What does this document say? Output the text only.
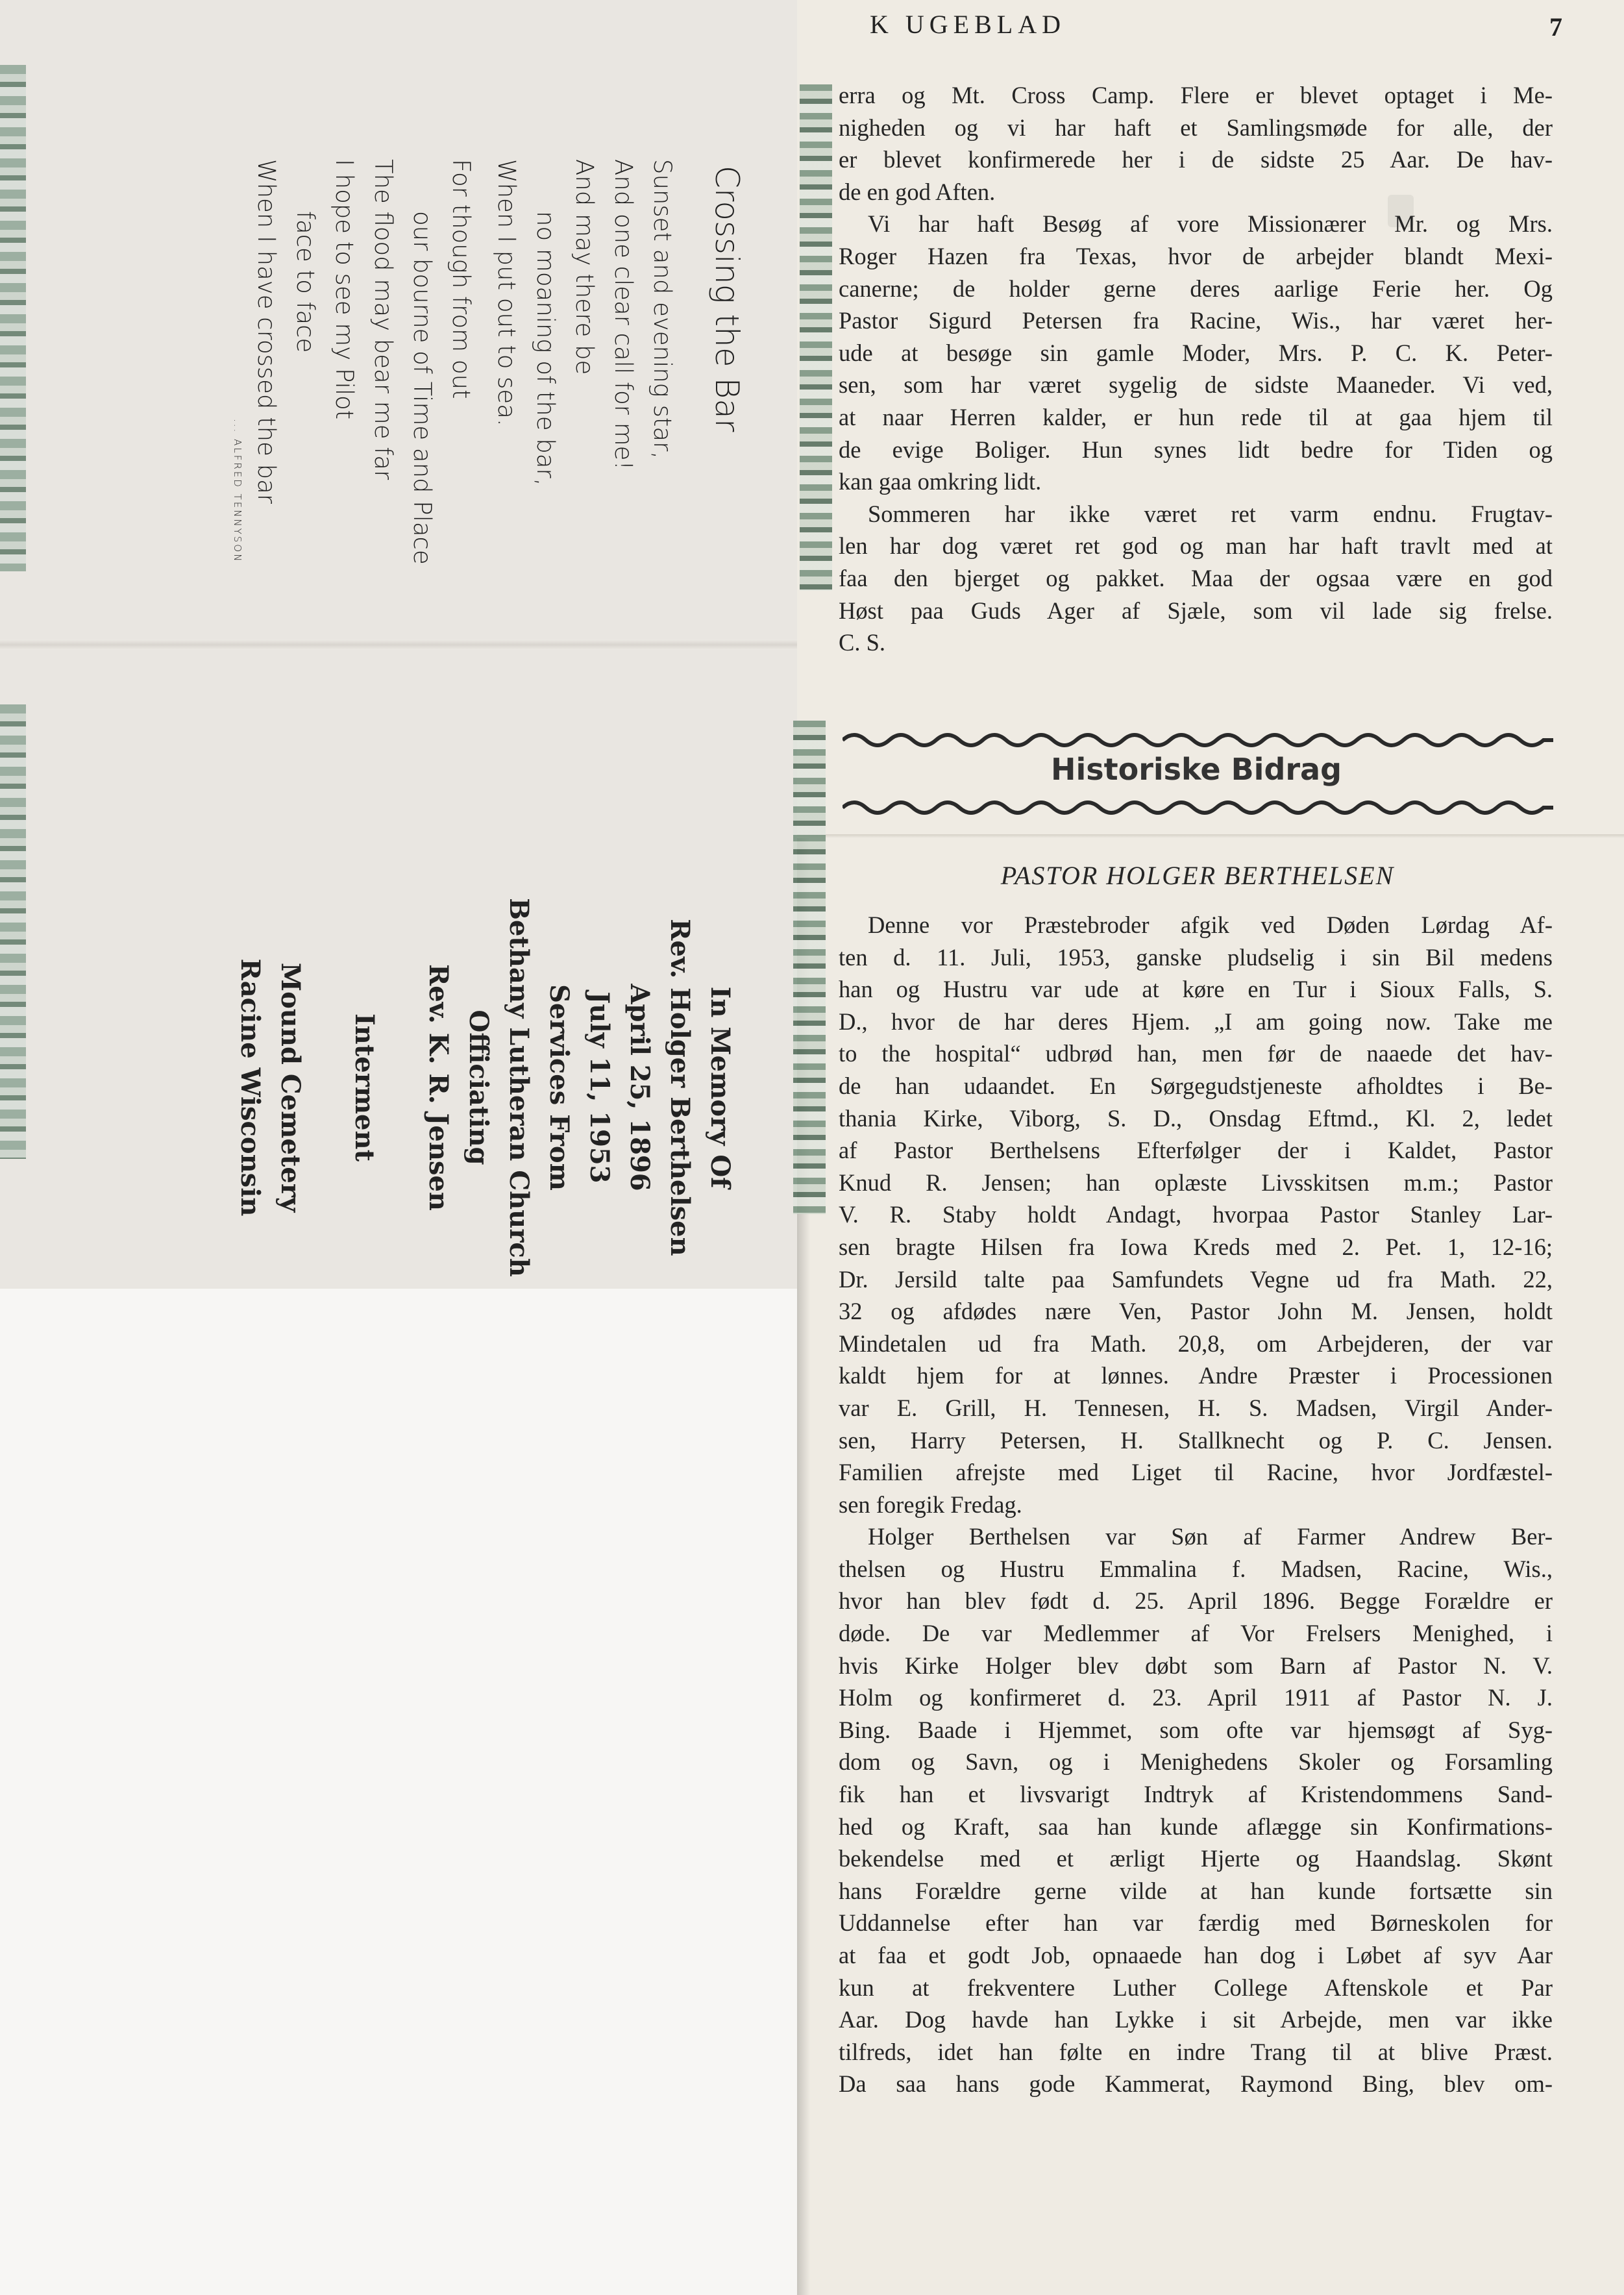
Crossing the Bar
Sunset and evening star,
And one clear call for me!
And may there be
no moaning of the bar,
When I put out to sea.
For though from out
our bourne of Time and Place
The flood may bear me far
I hope to see my Pilot
face to face
When I have crossed the bar
... ALFRED TENNYSON
In Memory Of
Rev. Holger Berthelsen
April 25, 1896
July 11, 1953
Services From
Bethany Lutheran Church
Officiating
Rev. K. R. Jensen
Interment
Mound Cemetery
Racine Wisconsin
K UGEBLAD	7
erra og Mt. Cross Camp. Flere er blevet optaget i Me-
nigheden og vi har haft et Samlingsmøde for alle, der
er blevet konfirmerede her i de sidste 25 Aar. De hav-
de en god Aften.
Vi har haft Besøg af vore Missionærer Mr. og Mrs.
Roger Hazen fra Texas, hvor de arbejder blandt Mexi-
canerne; de holder gerne deres aarlige Ferie her. Og
Pastor Sigurd Petersen fra Racine, Wis., har været her-
ude at besøge sin gamle Moder, Mrs. P. C. K. Peter-
sen, som har været sygelig de sidste Maaneder. Vi ved,
at naar Herren kalder, er hun rede til at gaa hjem til
de evige Boliger. Hun synes lidt bedre for Tiden og
kan gaa omkring lidt.
Sommeren har ikke været ret varm endnu. Frugtav-
len har dog været ret god og man har haft travlt med at
faa den bjerget og pakket. Maa der ogsaa være en god
Høst paa Guds Ager af Sjæle, som vil lade sig frelse.
C. S.
Historiske Bidrag
PASTOR HOLGER BERTHELSEN
Denne vor Præstebroder afgik ved Døden Lørdag Af-
ten d. 11. Juli, 1953, ganske pludselig i sin Bil medens
han og Hustru var ude at køre en Tur i Sioux Falls, S.
D., hvor de har deres Hjem. „I am going now. Take me
to the hospital“ udbrød han, men før de naaede det hav-
de han udaandet. En Sørgegudstjeneste afholdtes i Be-
thania Kirke, Viborg, S. D., Onsdag Eftmd., Kl. 2, ledet
af Pastor Berthelsens Efterfølger der i Kaldet, Pastor
Knud R. Jensen; han oplæste Livsskitsen m.m.; Pastor
V. R. Staby holdt Andagt, hvorpaa Pastor Stanley Lar-
sen bragte Hilsen fra Iowa Kreds med 2. Pet. 1, 12-16;
Dr. Jersild talte paa Samfundets Vegne ud fra Math. 22,
32 og afdødes nære Ven, Pastor John M. Jensen, holdt
Mindetalen ud fra Math. 20,8, om Arbejderen, der var
kaldt hjem for at lønnes. Andre Præster i Processionen
var E. Grill, H. Tennesen, H. S. Madsen, Virgil Ander-
sen, Harry Petersen, H. Stallknecht og P. C. Jensen.
Familien afrejste med Liget til Racine, hvor Jordfæstel-
sen foregik Fredag.
Holger Berthelsen var Søn af Farmer Andrew Ber-
thelsen og Hustru Emmalina f. Madsen, Racine, Wis.,
hvor han blev født d. 25. April 1896. Begge Forældre er
døde. De var Medlemmer af Vor Frelsers Menighed, i
hvis Kirke Holger blev døbt som Barn af Pastor N. V.
Holm og konfirmeret d. 23. April 1911 af Pastor N. J.
Bing. Baade i Hjemmet, som ofte var hjemsøgt af Syg-
dom og Savn, og i Menighedens Skoler og Forsamling
fik han et livsvarigt Indtryk af Kristendommens Sand-
hed og Kraft, saa han kunde aflægge sin Konfirmations-
bekendelse med et ærligt Hjerte og Haandslag. Skønt
hans Forældre gerne vilde at han kunde fortsætte sin
Uddannelse efter han var færdig med Børneskolen for
at faa et godt Job, opnaaede han dog i Løbet af syv Aar
kun at frekventere Luther College Aftenskole et Par
Aar. Dog havde han Lykke i sit Arbejde, men var ikke
tilfreds, idet han følte en indre Trang til at blive Præst.
Da saa hans gode Kammerat, Raymond Bing, blev om-
